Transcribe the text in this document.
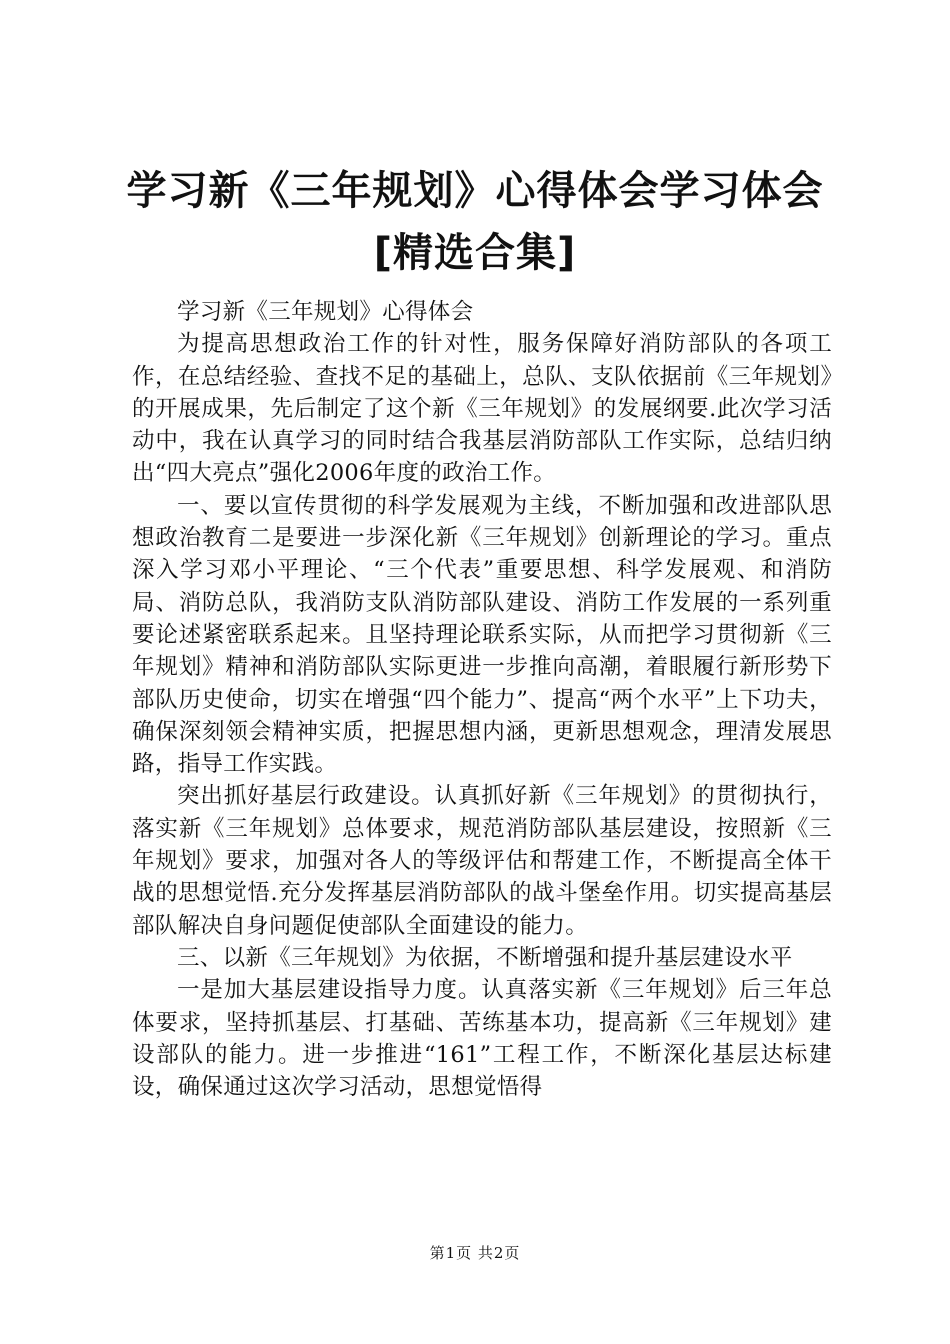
学习新《三年规划》心得体会学习体会[精选合集]

学习新《三年规划》心得体会

为提高思想政治工作的针对性，服务保障好消防部队的各项工作，在总结经验、查找不足的基础上，总队、支队依据前《三年规划》的开展成果，先后制定了这个新《三年规划》的发展纲要.此次学习活动中，我在认真学习的同时结合我基层消防部队工作实际，总结归纳出“四大亮点”强化2006年度的政治工作。

一、要以宣传贯彻的科学发展观为主线，不断加强和改进部队思想政治教育二是要进一步深化新《三年规划》创新理论的学习。重点深入学习邓小平理论、“三个代表”重要思想、科学发展观、和消防局、消防总队，我消防支队消防部队建设、消防工作发展的一系列重要论述紧密联系起来。且坚持理论联系实际，从而把学习贯彻新《三年规划》精神和消防部队实际更进一步推向高潮，着眼履行新形势下部队历史使命，切实在增强“四个能力”、提高“两个水平”上下功夫，确保深刻领会精神实质，把握思想内涵，更新思想观念，理清发展思路，指导工作实践。

突出抓好基层行政建设。认真抓好新《三年规划》的贯彻执行，落实新《三年规划》总体要求，规范消防部队基层建设，按照新《三年规划》要求，加强对各人的等级评估和帮建工作，不断提高全体干战的思想觉悟.充分发挥基层消防部队的战斗堡垒作用。切实提高基层部队解决自身问题促使部队全面建设的能力。

三、以新《三年规划》为依据，不断增强和提升基层建设水平

一是加大基层建设指导力度。认真落实新《三年规划》后三年总体要求，坚持抓基层、打基础、苦练基本功，提高新《三年规划》建设部队的能力。进一步推进“161”工程工作，不断深化基层达标建设，确保通过这次学习活动，思想觉悟得

第1页 共2页
